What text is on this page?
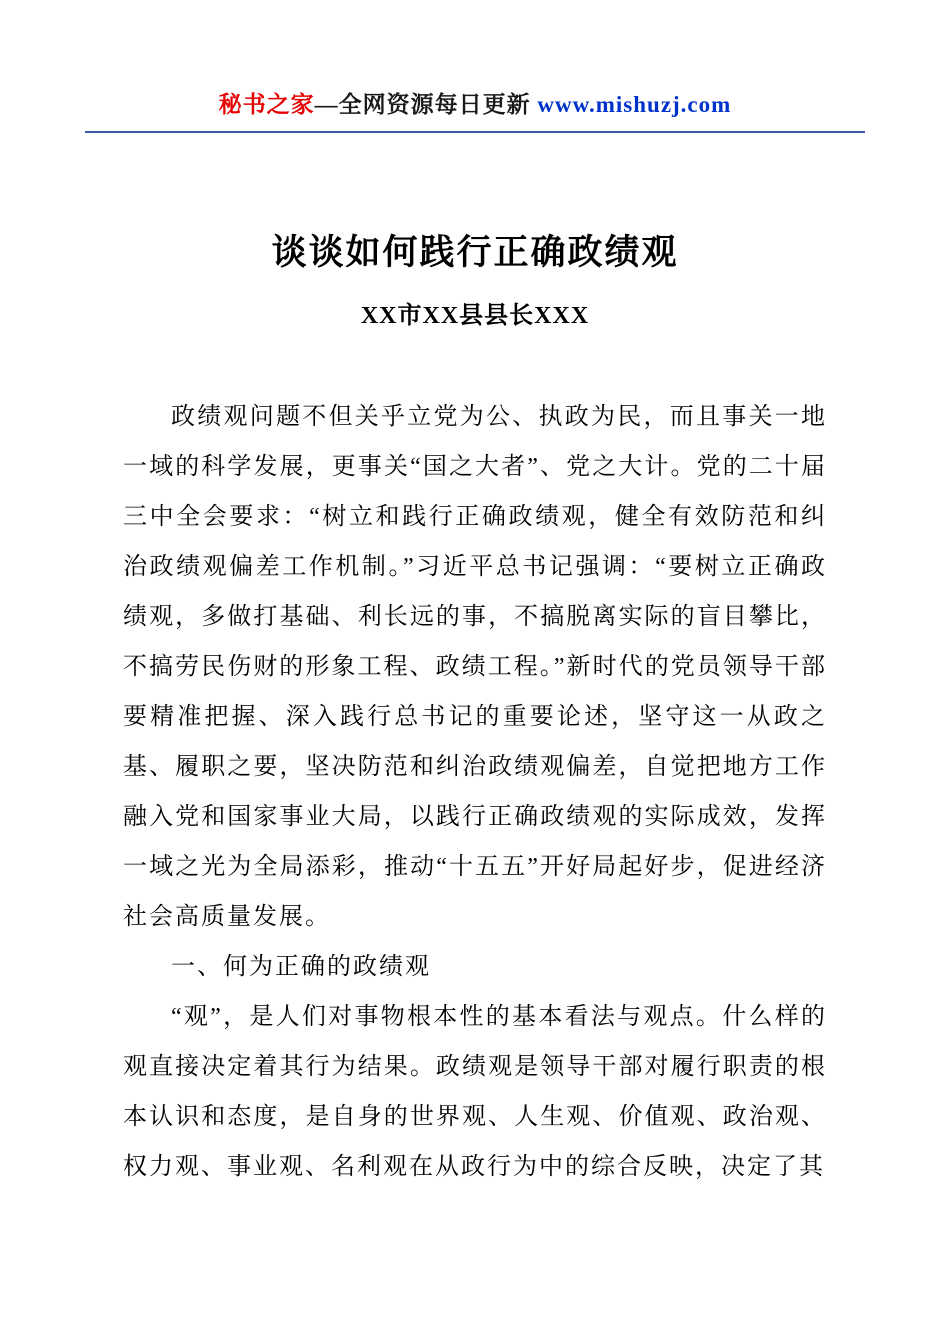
秘书之家—全网资源每日更新 www.mishuzj.com
谈谈如何践行正确政绩观
XX市XX县县长XXX

政绩观问题不但关乎立党为公、执政为民，而且事关一地一域的科学发展，更事关“国之大者”、党之大计。党的二十届三中全会要求：“树立和践行正确政绩观，健全有效防范和纠治政绩观偏差工作机制。”习近平总书记强调：“要树立正确政绩观，多做打基础、利长远的事，不搞脱离实际的盲目攀比，不搞劳民伤财的形象工程、政绩工程。”新时代的党员领导干部要精准把握、深入践行总书记的重要论述，坚守这一从政之基、履职之要，坚决防范和纠治政绩观偏差，自觉把地方工作融入党和国家事业大局，以践行正确政绩观的实际成效，发挥一域之光为全局添彩，推动“十五五”开好局起好步，促进经济社会高质量发展。

一、何为正确的政绩观

“观”，是人们对事物根本性的基本看法与观点。什么样的观直接决定着其行为结果。政绩观是领导干部对履行职责的根本认识和态度，是自身的世界观、人生观、价值观、政治观、权力观、事业观、名利观在从政行为中的综合反映，决定了其
